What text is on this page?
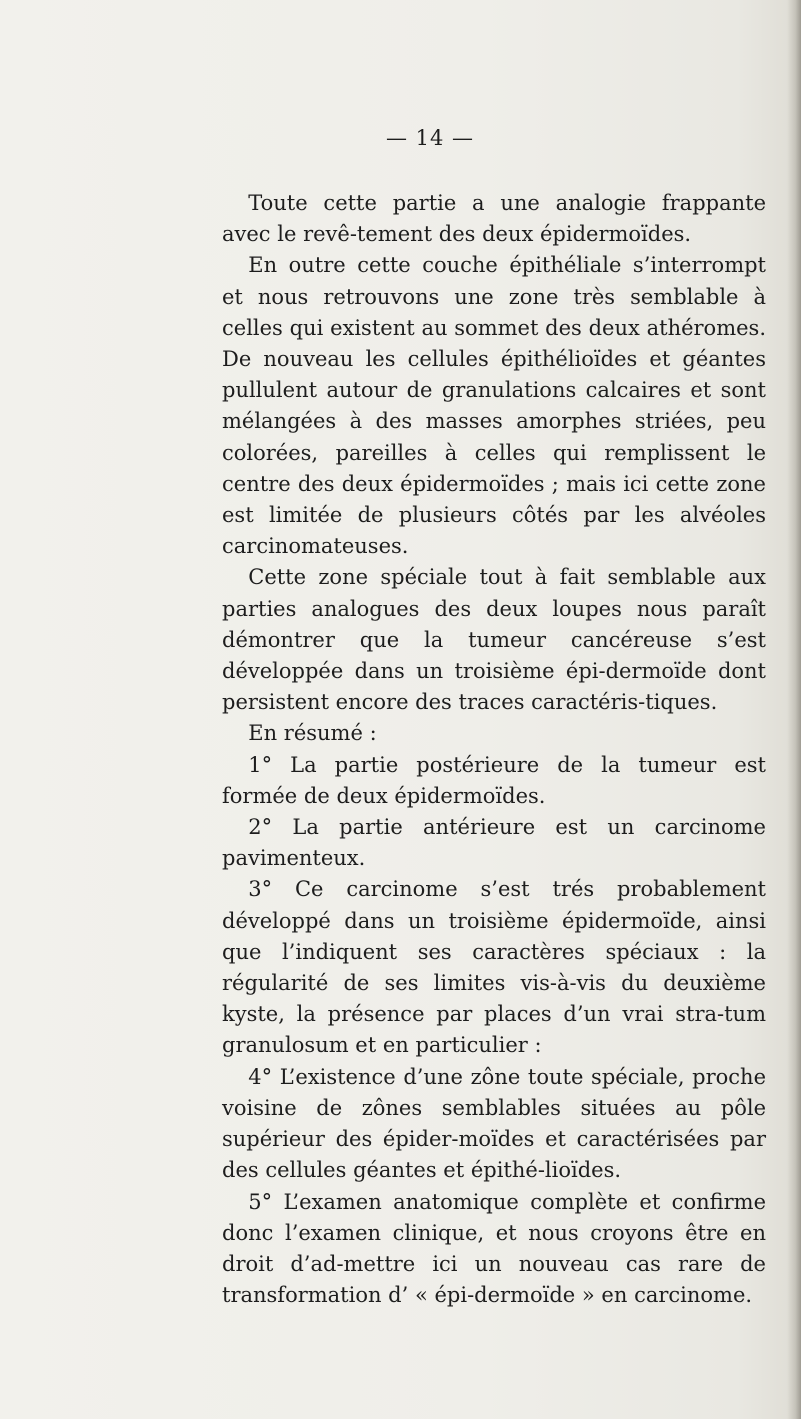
— 14 —

Toute cette partie a une analogie frappante avec le revê-tement des deux épidermoïdes.

En outre cette couche épithéliale s’interrompt et nous retrouvons une zone très semblable à celles qui existent au sommet des deux athéromes. De nouveau les cellules épithélioïdes et géantes pullulent autour de granulations calcaires et sont mélangées à des masses amorphes striées, peu colorées, pareilles à celles qui remplissent le centre des deux épidermoïdes ; mais ici cette zone est limitée de plusieurs côtés par les alvéoles carcinomateuses.

Cette zone spéciale tout à fait semblable aux parties analogues des deux loupes nous paraît démontrer que la tumeur cancéreuse s’est développée dans un troisième épi-dermoïde dont persistent encore des traces caractéris-tiques.

En résumé :

1° La partie postérieure de la tumeur est formée de deux épidermoïdes.

2° La partie antérieure est un carcinome pavimenteux.

3° Ce carcinome s’est trés probablement développé dans un troisième épidermoïde, ainsi que l’indiquent ses caractères spéciaux : la régularité de ses limites vis-à-vis du deuxième kyste, la présence par places d’un vrai stra-tum granulosum et en particulier :

4° L’existence d’une zône toute spéciale, proche voisine de zônes semblables situées au pôle supérieur des épider-moïdes et caractérisées par des cellules géantes et épithé-lioïdes.

5° L’examen anatomique complète et confirme donc l’examen clinique, et nous croyons être en droit d’ad-mettre ici un nouveau cas rare de transformation d’ « épi-dermoïde » en carcinome.
